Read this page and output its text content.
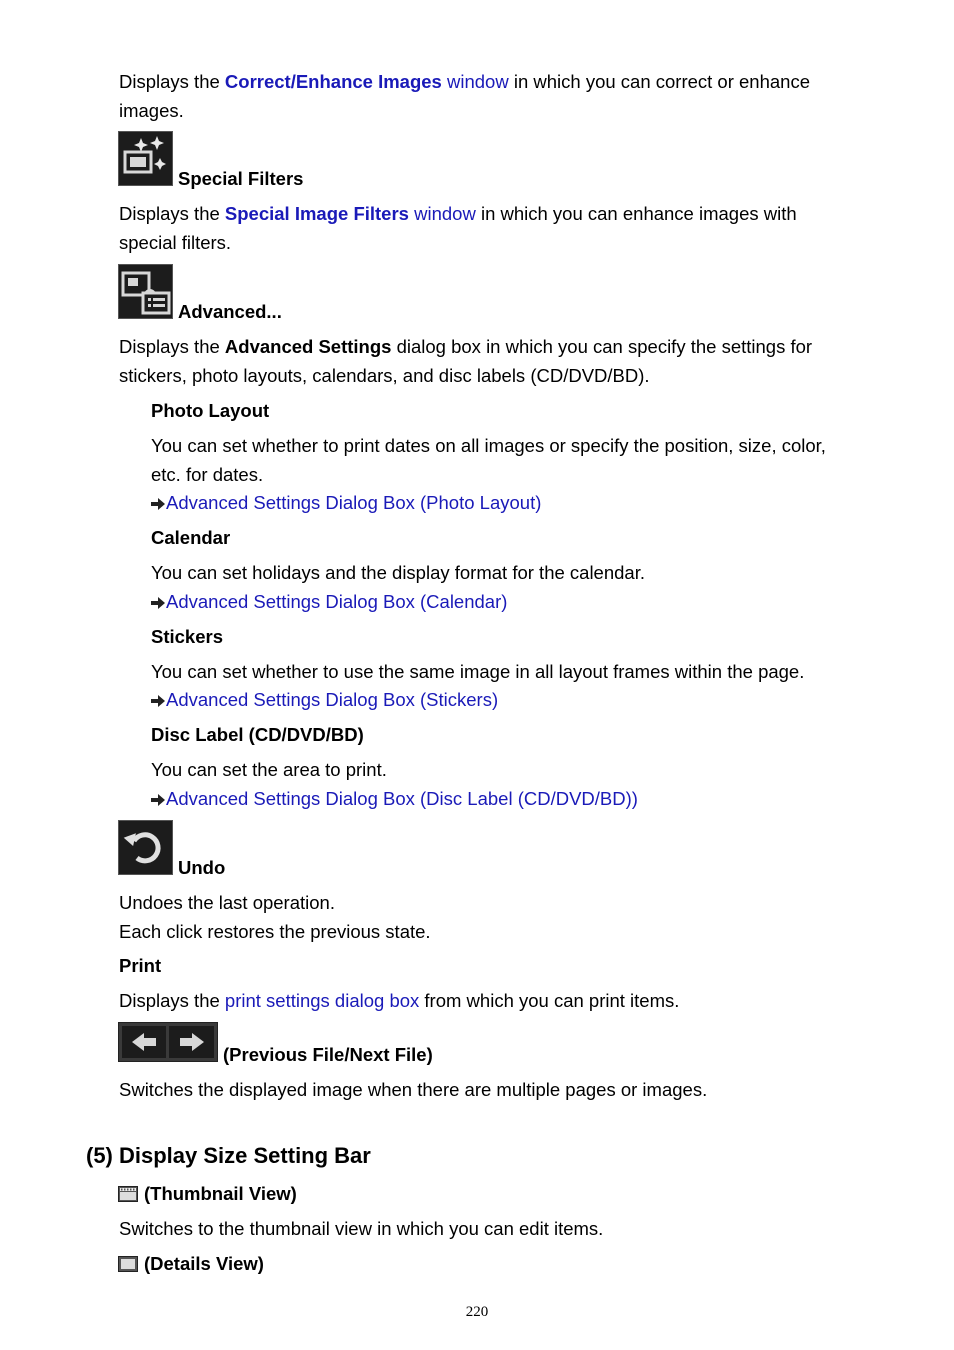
Displays the Correct/Enhance Images window in which you can correct or enhance
images.
Special Filters
Displays the Special Image Filters window in which you can enhance images with
special filters.
Advanced...
Displays the Advanced Settings dialog box in which you can specify the settings for
stickers, photo layouts, calendars, and disc labels (CD/DVD/BD).
Photo Layout
You can set whether to print dates on all images or specify the position, size, color,
etc. for dates.
Advanced Settings Dialog Box (Photo Layout)
Calendar
You can set holidays and the display format for the calendar.
Advanced Settings Dialog Box (Calendar)
Stickers
You can set whether to use the same image in all layout frames within the page.
Advanced Settings Dialog Box (Stickers)
Disc Label (CD/DVD/BD)
You can set the area to print.
Advanced Settings Dialog Box (Disc Label (CD/DVD/BD))
Undo
Undoes the last operation.
Each click restores the previous state.
Print
Displays the print settings dialog box from which you can print items.
(Previous File/Next File)
Switches the displayed image when there are multiple pages or images.
(5) Display Size Setting Bar
(Thumbnail View)
Switches to the thumbnail view in which you can edit items.
(Details View)
220
